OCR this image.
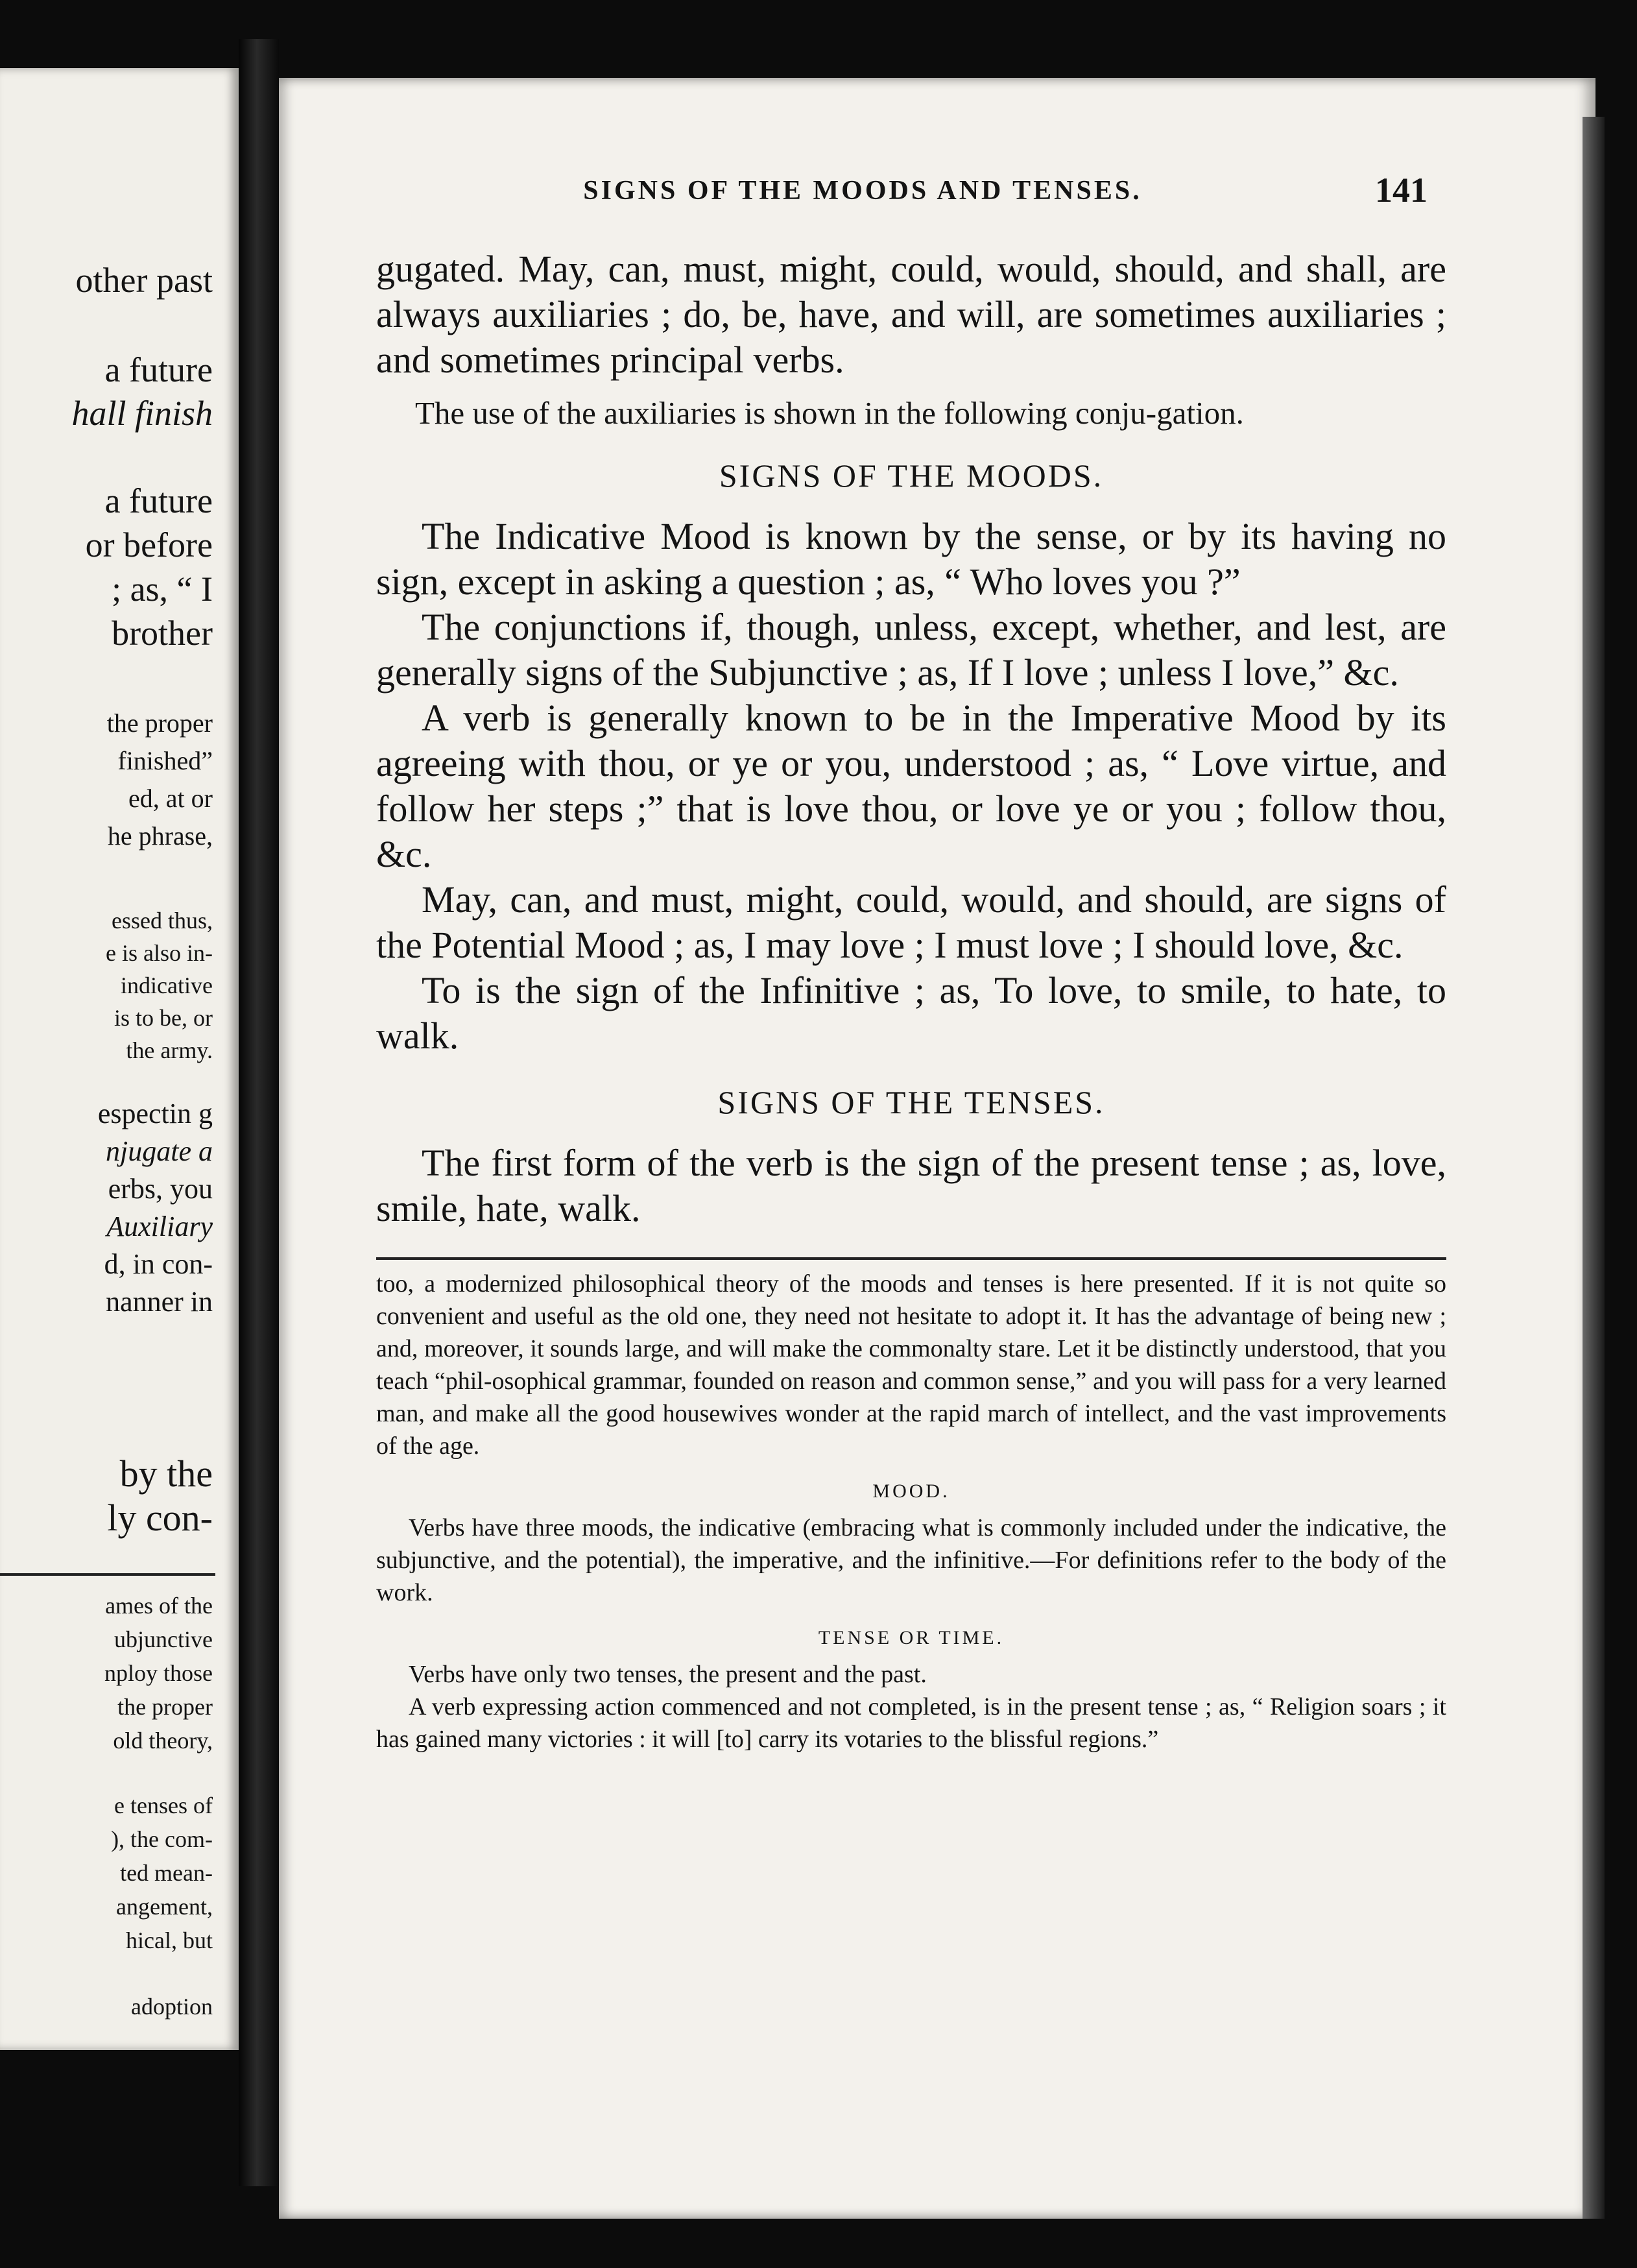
other past
a future
hall finish
a future
or before
; as, “ I
brother
the proper
finished”
ed, at or
he phrase,
essed thus,
e is also in-
indicative
is to be, or
the army.
espectin g
njugate a
erbs, you
Auxiliary
d, in con-
nanner in
by the
ly con-
ames of the
ubjunctive
nploy those
the proper
old theory,
e tenses of
), the com-
ted mean-
angement,
hical, but
adoption
SIGNS OF THE MOODS AND TENSES.	141

gugated. May, can, must, might, could, would, should, and shall, are always auxiliaries ; do, be, have, and will, are sometimes auxiliaries ; and sometimes principal verbs.

The use of the auxiliaries is shown in the following conju-gation.

SIGNS OF THE MOODS.

The Indicative Mood is known by the sense, or by its having no sign, except in asking a question ; as, “ Who loves you ?”

The conjunctions if, though, unless, except, whether, and lest, are generally signs of the Subjunctive ; as, If I love ; unless I love,” &c.

A verb is generally known to be in the Imperative Mood by its agreeing with thou, or ye or you, understood ; as, “ Love virtue, and follow her steps ;” that is love thou, or love ye or you ; follow thou, &c.

May, can, and must, might, could, would, and should, are signs of the Potential Mood ; as, I may love ; I must love ; I should love, &c.

To is the sign of the Infinitive ; as, To love, to smile, to hate, to walk.

SIGNS OF THE TENSES.

The first form of the verb is the sign of the present tense ; as, love, smile, hate, walk.

too, a modernized philosophical theory of the moods and tenses is here presented. If it is not quite so convenient and useful as the old one, they need not hesitate to adopt it. It has the advantage of being new ; and, moreover, it sounds large, and will make the commonalty stare. Let it be distinctly understood, that you teach “phil-osophical grammar, founded on reason and common sense,” and you will pass for a very learned man, and make all the good housewives wonder at the rapid march of intellect, and the vast improvements of the age.

MOOD.

Verbs have three moods, the indicative (embracing what is commonly included under the indicative, the subjunctive, and the potential), the imperative, and the infinitive.—For definitions refer to the body of the work.

TENSE OR TIME.

Verbs have only two tenses, the present and the past.

A verb expressing action commenced and not completed, is in the present tense ; as, “ Religion soars ; it has gained many victories : it will [to] carry its votaries to the blissful regions.”
